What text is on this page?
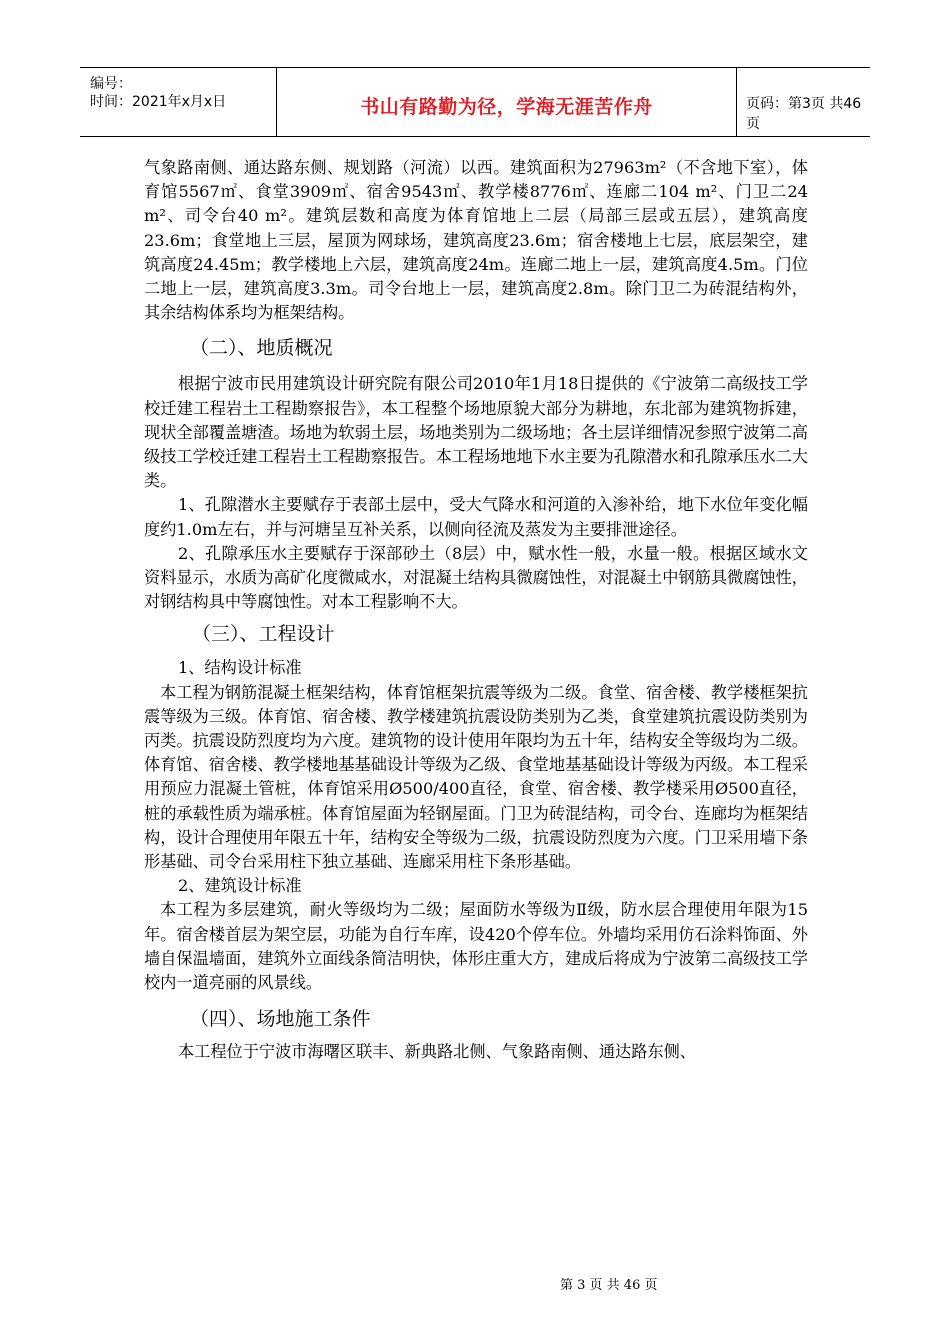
编号：
时间：2021年x月x日	书山有路勤为径，学海无涯苦作舟	页码：第3页 共46页

气象路南侧、通达路东侧、规划路（河流）以西。建筑面积为27963m²（不含地下室），体育馆5567㎡、食堂3909㎡、宿舍9543㎡、教学楼8776㎡、连廊二104 m²、门卫二24 m²、司令台40 m²。建筑层数和高度为体育馆地上二层（局部三层或五层），建筑高度23.6m；食堂地上三层，屋顶为网球场，建筑高度23.6m；宿舍楼地上七层，底层架空，建筑高度24.45m；教学楼地上六层，建筑高度24m。连廊二地上一层，建筑高度4.5m。门位二地上一层，建筑高度3.3m。司令台地上一层，建筑高度2.8m。除门卫二为砖混结构外，其余结构体系均为框架结构。

（二）、地质概况

根据宁波市民用建筑设计研究院有限公司2010年1月18日提供的《宁波第二高级技工学校迁建工程岩土工程勘察报告》，本工程整个场地原貌大部分为耕地，东北部为建筑物拆建，现状全部覆盖塘渣。场地为软弱土层，场地类别为二级场地；各土层详细情况参照宁波第二高级技工学校迁建工程岩土工程勘察报告。本工程场地地下水主要为孔隙潜水和孔隙承压水二大类。

1、孔隙潜水主要赋存于表部土层中，受大气降水和河道的入渗补给，地下水位年变化幅度约1.0m左右，并与河塘呈互补关系，以侧向径流及蒸发为主要排泄途径。

2、孔隙承压水主要赋存于深部砂土（8层）中，赋水性一般，水量一般。根据区域水文资料显示，水质为高矿化度微咸水，对混凝土结构具微腐蚀性，对混凝土中钢筋具微腐蚀性，对钢结构具中等腐蚀性。对本工程影响不大。

（三）、工程设计

1、结构设计标准

本工程为钢筋混凝土框架结构，体育馆框架抗震等级为二级。食堂、宿舍楼、教学楼框架抗震等级为三级。体育馆、宿舍楼、教学楼建筑抗震设防类别为乙类，食堂建筑抗震设防类别为丙类。抗震设防烈度均为六度。建筑物的设计使用年限均为五十年，结构安全等级均为二级。体育馆、宿舍楼、教学楼地基基础设计等级为乙级、食堂地基基础设计等级为丙级。本工程采用预应力混凝土管桩，体育馆采用Ø500/400直径，食堂、宿舍楼、教学楼采用Ø500直径，桩的承载性质为端承桩。体育馆屋面为轻钢屋面。门卫为砖混结构，司令台、连廊均为框架结构，设计合理使用年限五十年，结构安全等级为二级，抗震设防烈度为六度。门卫采用墙下条形基础、司令台采用柱下独立基础、连廊采用柱下条形基础。

2、建筑设计标准

本工程为多层建筑，耐火等级均为二级；屋面防水等级为Ⅱ级，防水层合理使用年限为15年。宿舍楼首层为架空层，功能为自行车库，设420个停车位。外墙均采用仿石涂料饰面、外墙自保温墙面，建筑外立面线条简洁明快，体形庄重大方，建成后将成为宁波第二高级技工学校内一道亮丽的风景线。

（四）、场地施工条件

本工程位于宁波市海曙区联丰、新典路北侧、气象路南侧、通达路东侧、

第 3 页 共 46 页
